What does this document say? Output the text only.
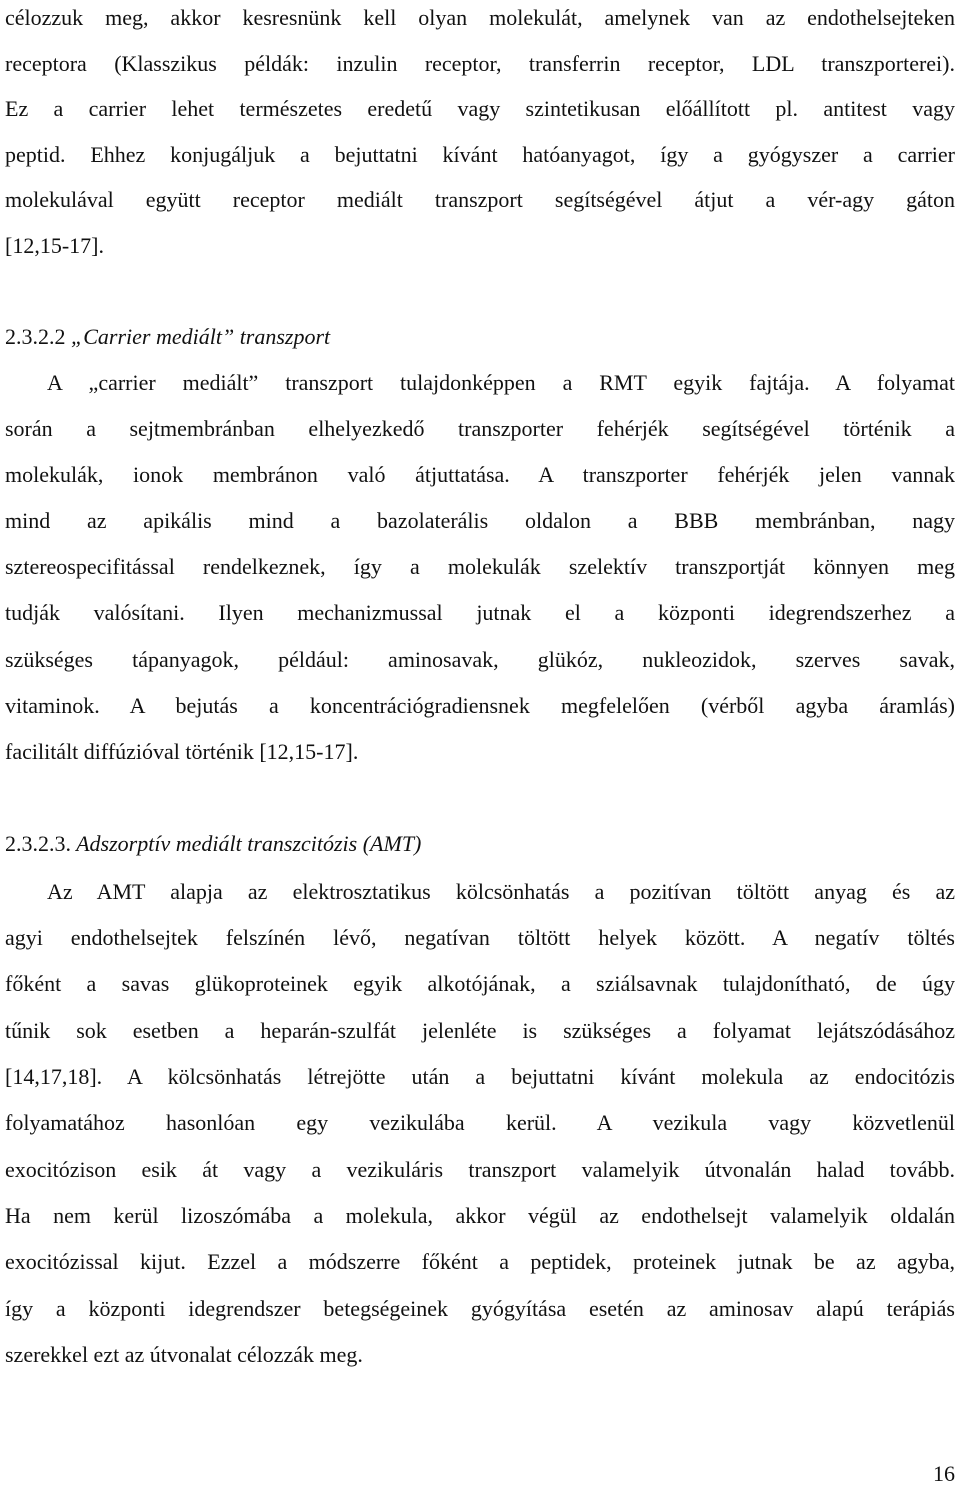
célozzuk meg, akkor kesresnünk kell olyan molekulát, amelynek van az endothelsejteken
receptora (Klasszikus példák: inzulin receptor, transferrin receptor, LDL transzporterei).
Ez a carrier lehet természetes eredetű vagy szintetikusan előállított pl. antitest vagy
peptid. Ehhez konjugáljuk a bejuttatni kívánt hatóanyagot, így a gyógyszer a carrier
molekulával együtt receptor mediált transzport segítségével átjut a vér-agy gáton
[12,15-17].
2.3.2.2 „Carrier mediált” transzport
A „carrier mediált” transzport tulajdonképpen a RMT egyik fajtája. A folyamat
során a sejtmembránban elhelyezkedő transzporter fehérjék segítségével történik a
molekulák, ionok membránon való átjuttatása. A transzporter fehérjék jelen vannak
mind az apikális mind a bazolaterális oldalon a BBB membránban, nagy
sztereospecifitással rendelkeznek, így a molekulák szelektív transzportját könnyen meg
tudják valósítani. Ilyen mechanizmussal jutnak el a központi idegrendszerhez a
szükséges tápanyagok, például: aminosavak, glükóz, nukleozidok, szerves savak,
vitaminok. A bejutás a koncentrációgradiensnek megfelelően (vérből agyba áramlás)
facilitált diffúzióval történik [12,15-17].
2.3.2.3. Adszorptív mediált transzcitózis (AMT)
Az AMT alapja az elektrosztatikus kölcsönhatás a pozitívan töltött anyag és az
agyi endothelsejtek felszínén lévő, negatívan töltött helyek között. A negatív töltés
főként a savas glükoproteinek egyik alkotójának, a sziálsavnak tulajdonítható, de úgy
tűnik sok esetben a heparán-szulfát jelenléte is szükséges a folyamat lejátszódásához
[14,17,18]. A kölcsönhatás létrejötte után a bejuttatni kívánt molekula az endocitózis
folyamatához hasonlóan egy vezikulába kerül. A vezikula vagy közvetlenül
exocitózison esik át vagy a vezikuláris transzport valamelyik útvonalán halad tovább.
Ha nem kerül lizoszómába a molekula, akkor végül az endothelsejt valamelyik oldalán
exocitózissal kijut. Ezzel a módszerre főként a peptidek, proteinek jutnak be az agyba,
így a központi idegrendszer betegségeinek gyógyítása esetén az aminosav alapú terápiás
szerekkel ezt az útvonalat célozzák meg.
16
